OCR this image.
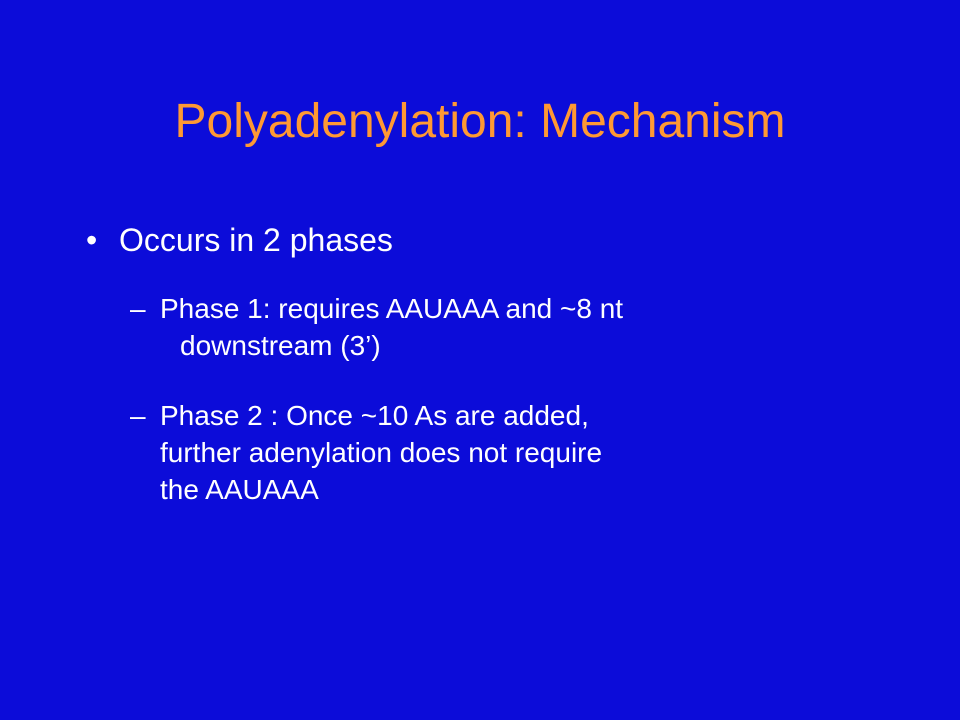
Polyadenylation: Mechanism
• Occurs in 2 phases
– Phase 1: requires AAUAAA and ~8 nt
downstream (3’)
– Phase 2 : Once ~10 As are added,
further adenylation does not require
the AAUAAA
